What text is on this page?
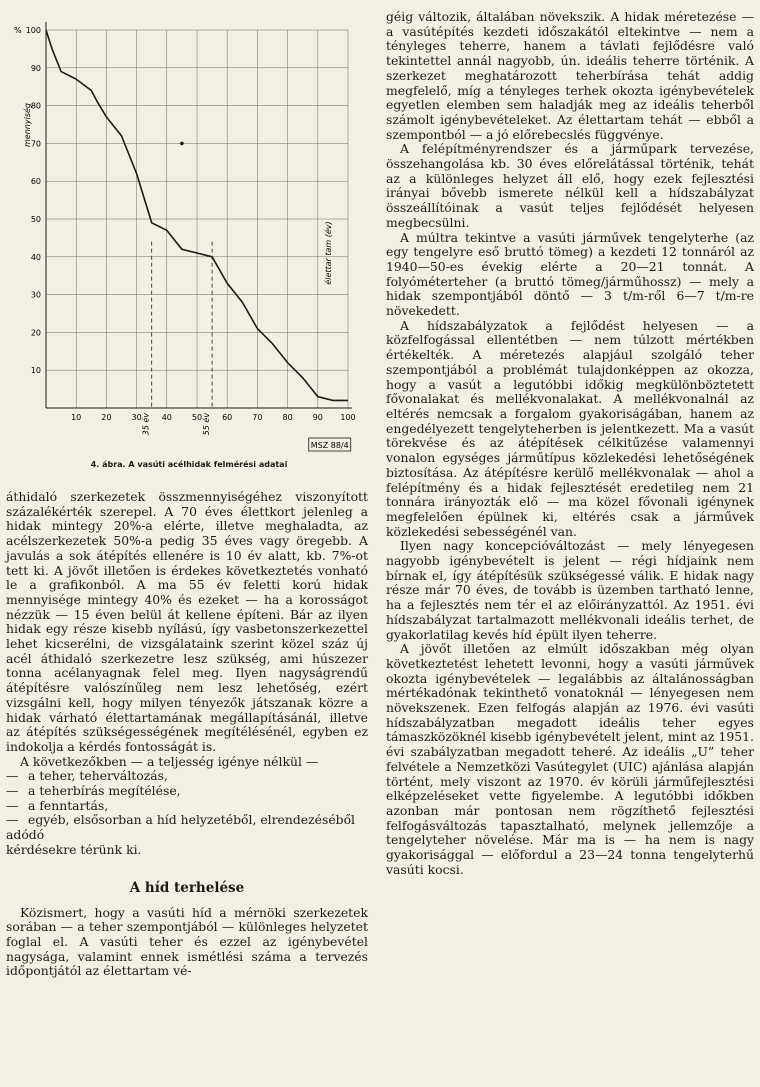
%
10
20
30
40
50
60
70
80
90
100
10	20	30	40	50	60	70	80	90 100
mennyiség
élettar tam (év)
35 év	55 év
MSZ 88/4
4. ábra. A vasúti acélhidak felmérési adatai

áthidaló szerkezetek összmennyiségéhez viszonyított százalékérték szerepel. A 70 éves élettkort jelenleg a hidak mintegy 20%-a elérte, illetve meghaladta, az acélszerkezetek 50%-a pedig 35 éves vagy öregebb. A javulás a sok átépítés ellenére is 10 év alatt, kb. 7%-ot tett ki. A jövőt illetően is érdekes következtetés vonható le a grafikonból. A ma 55 év feletti korú hidak mennyisége mintegy 40% és ezeket — ha a korosságot nézzük — 15 éven belül át kellene építeni. Bár az ilyen hidak egy része kisebb nyílású, így vasbetonszerkezettel lehet kicserélni, de vizsgálataink szerint közel száz új acél áthidaló szerkezetre lesz szükség, ami húszezer tonna acélanyagnak felel meg. Ilyen nagyságrendű átépítésre valószínűleg nem lesz lehetőség, ezért vizsgálni kell, hogy milyen tényezők játszanak közre a hidak várható élettartamának megállapításánál, illetve az átépítés szükségességének megítélésénél, egyben ez indokolja a kérdés fontosságát is.

A következőkben — a teljesség igénye nélkül —

— a teher, teherváltozás,
— a teherbírás megítélése,
— a fenntartás,
— egyéb, elsősorban a híd helyzetéből, elrendezéséből adódó

kérdésekre térünk ki.

A híd terhelése

Közismert, hogy a vasúti híd a mérnöki szerkezetek sorában — a teher szempontjából — különleges helyzetet foglal el. A vasúti teher és ezzel az igénybevétel nagysága, valamint ennek ismétlési száma a tervezés időpontjától az élettartam vé-

géig változik, általában növekszik. A hidak méretezése — a vasútépítés kezdeti időszakától eltekintve — nem a tényleges teherre, hanem a távlati fejlődésre való tekintettel annál nagyobb, ún. ideális teherre történik. A szerkezet meghatározott teherbírása tehát addig megfelelő, míg a tényleges terhek okozta igénybevételek egyetlen elemben sem haladják meg az ideális teherből számolt igénybevételeket. Az élettartam tehát — ebből a szempontból — a jó előrebecslés függvénye.

A felépítményrendszer és a járműpark tervezése, összehangolása kb. 30 éves előrelátással történik, tehát az a különleges helyzet áll elő, hogy ezek fejlesztési irányai bővebb ismerete nélkül kell a hídszabályzat összeállítóinak a vasút teljes fejlődését helyesen megbecsülni.

A múltra tekintve a vasúti járművek tengelyterhe (az egy tengelyre eső bruttó tömeg) a kezdeti 12 tonnáról az 1940—50-es évekig elérte a 20—21 tonnát. A folyóméterteher (a bruttó tömeg/járműhossz) — mely a hidak szempontjából döntő — 3 t/m-ről 6—7 t/m-re növekedett.

A hídszabályzatok a fejlődést helyesen — a közfelfogással ellentétben — nem túlzott mértékben értékelték. A méretezés alapjául szolgáló teher szempontjából a problémát tulajdonképpen az okozza, hogy a vasút a legutóbbi időkig megkülönböztetett fővonalakat és mellékvonalakat. A mellékvonalnál az eltérés nemcsak a forgalom gyakoriságában, hanem az engedélyezett tengelyteherben is jelentkezett. Ma a vasút törekvése és az átépítések célkitűzése valamennyi vonalon egységes járműtípus közlekedési lehetőségének biztosítása. Az átépítésre kerülő mellékvonalak — ahol a felépítmény és a hidak fejlesztését eredetileg nem 21 tonnára irányozták elő — ma közel fővonali igénynek megfelelően épülnek ki, eltérés csak a járművek közlekedési sebességénél van.

Ilyen nagy koncepcióváltozást — mely lényegesen nagyobb igénybevételt is jelent — régi hídjaink nem bírnak el, így átépítésük szükségessé válik. E hidak nagy része már 70 éves, de tovább is üzemben tartható lenne, ha a fejlesztés nem tér el az előirányzattól. Az 1951. évi hídszabályzat tartalmazott mellékvonali ideális terhet, de gyakorlatilag kevés híd épült ilyen teherre.

A jövőt illetően az elmúlt időszakban még olyan következtetést lehetett levonni, hogy a vasúti járművek okozta igénybevételek — legalábbis az általánosságban mértékadónak tekinthető vonatoknál — lényegesen nem növekszenek. Ezen felfogás alapján az 1976. évi vasúti hídszabályzatban megadott ideális teher egyes támaszközöknél kisebb igénybevételt jelent, mint az 1951. évi szabályzatban megadott teheré. Az ideális „U” teher felvétele a Nemzetközi Vasútegylet (UIC) ajánlása alapján történt, mely viszont az 1970. év körüli járműfejlesztési elképzeléseket vette figyelembe. A legutóbbi időkben azonban már pontosan nem rögzíthető fejlesztési felfogásváltozás tapasztalható, melynek jellemzője a tengelyteher növelése. Már ma is — ha nem is nagy gyakorisággal — előfordul a 23—24 tonna tengelyterhű vasúti kocsi.
